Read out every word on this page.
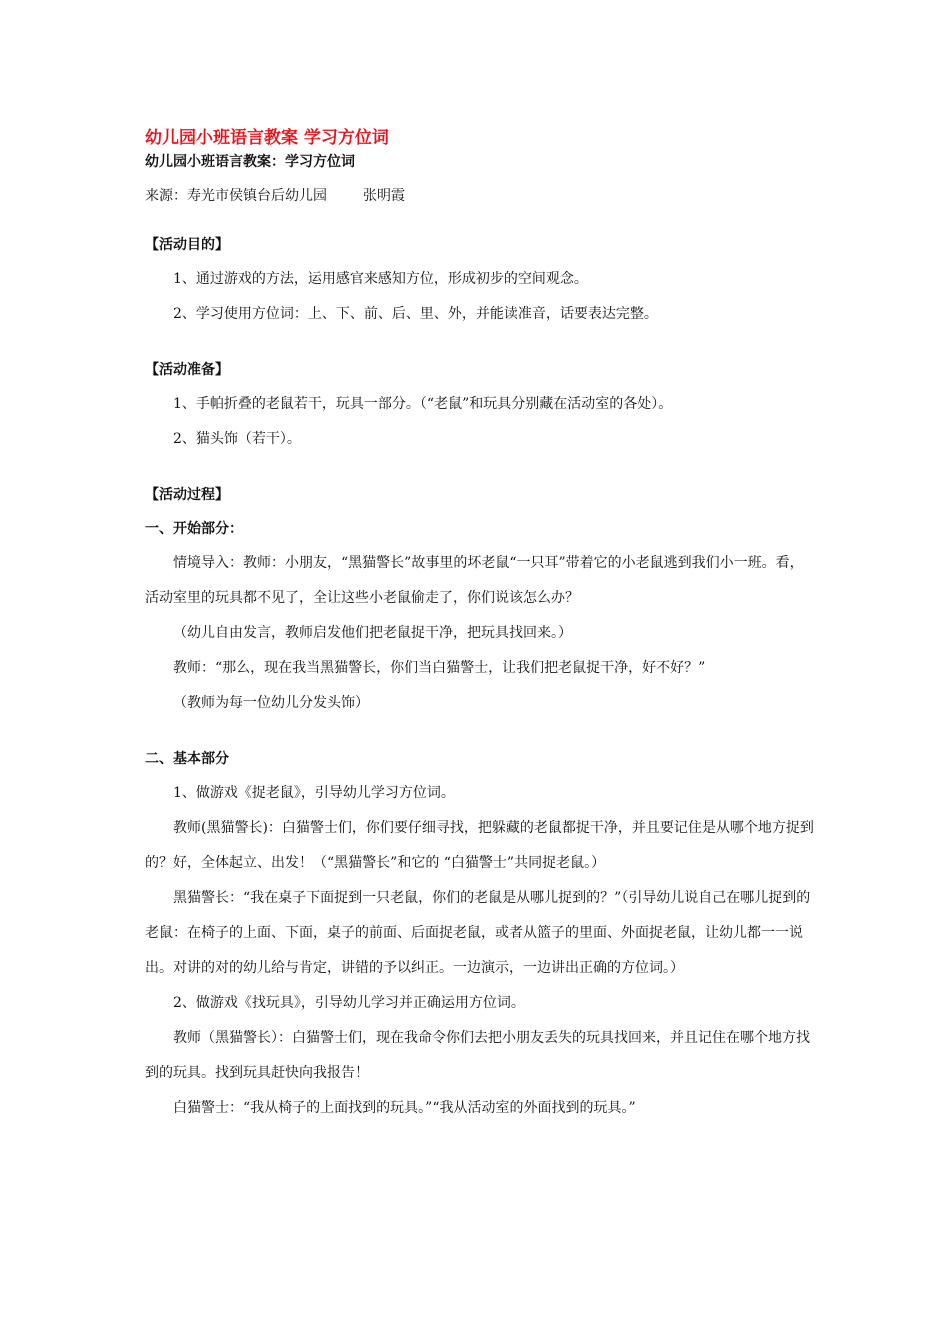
幼儿园小班语言教案 学习方位词

幼儿园小班语言教案：学习方位词

来源：寿光市侯镇台后幼儿园	张明霞

【活动目的】

1、通过游戏的方法，运用感官来感知方位，形成初步的空间观念。

2、学习使用方位词：上、下、前、后、里、外，并能读准音，话要表达完整。

【活动准备】

1、手帕折叠的老鼠若干，玩具一部分。（“老鼠”和玩具分别藏在活动室的各处）。

2、猫头饰（若干）。

【活动过程】

一、开始部分：

情境导入：教师：小朋友，“黑猫警长”故事里的坏老鼠“一只耳”带着它的小老鼠逃到我们小一班。看，活动室里的玩具都不见了，全让这些小老鼠偷走了，你们说该怎么办？

（幼儿自由发言，教师启发他们把老鼠捉干净，把玩具找回来。）

教师：“那么，现在我当黑猫警长，你们当白猫警士，让我们把老鼠捉干净，好不好？”

（教师为每一位幼儿分发头饰）

二、基本部分

1、做游戏《捉老鼠》，引导幼儿学习方位词。

教师(黑猫警长)：白猫警士们，你们要仔细寻找，把躲藏的老鼠都捉干净，并且要记住是从哪个地方捉到的？好，全体起立、出发！（“黑猫警长”和它的 “白猫警士”共同捉老鼠。）

黑猫警长：“我在桌子下面捉到一只老鼠，你们的老鼠是从哪儿捉到的？”（引导幼儿说自己在哪儿捉到的老鼠：在椅子的上面、下面，桌子的前面、后面捉老鼠，或者从篮子的里面、外面捉老鼠，让幼儿都一一说出。对讲的对的幼儿给与肯定，讲错的予以纠正。一边演示，一边讲出正确的方位词。）

2、做游戏《找玩具》，引导幼儿学习并正确运用方位词。

教师（黑猫警长）：白猫警士们，现在我命令你们去把小朋友丢失的玩具找回来，并且记住在哪个地方找到的玩具。找到玩具赶快向我报告！

白猫警士：“我从椅子的上面找到的玩具。”“我从活动室的外面找到的玩具。”
